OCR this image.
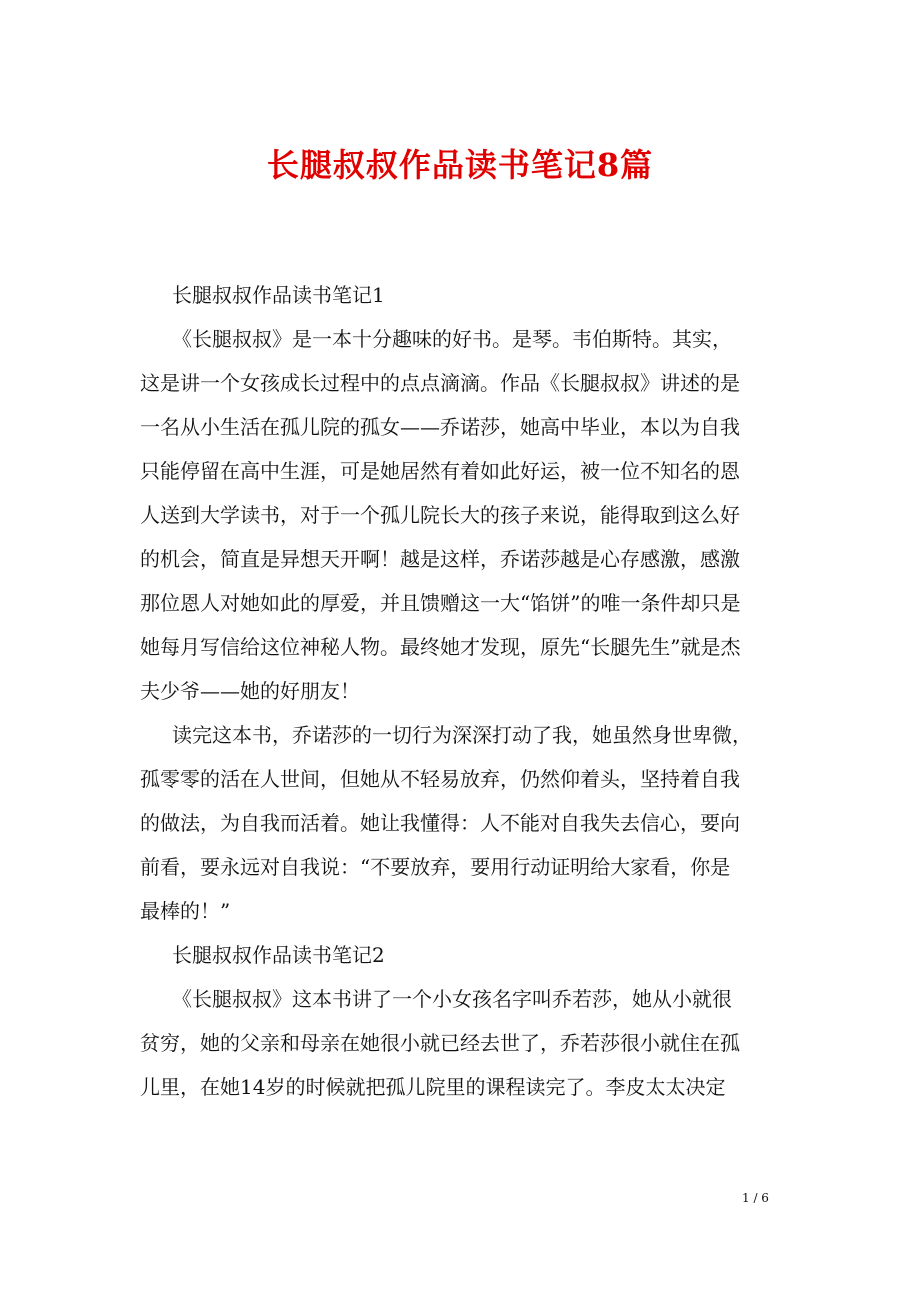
长腿叔叔作品读书笔记8篇
长腿叔叔作品读书笔记1
《长腿叔叔》是一本十分趣味的好书。是琴。韦伯斯特。其实，
这是讲一个女孩成长过程中的点点滴滴。作品《长腿叔叔》讲述的是
一名从小生活在孤儿院的孤女——乔诺莎，她高中毕业，本以为自我
只能停留在高中生涯，可是她居然有着如此好运，被一位不知名的恩
人送到大学读书，对于一个孤儿院长大的孩子来说，能得取到这么好
的机会，简直是异想天开啊！越是这样，乔诺莎越是心存感激，感激
那位恩人对她如此的厚爱，并且馈赠这一大“馅饼”的唯一条件却只是
她每月写信给这位神秘人物。最终她才发现，原先“长腿先生”就是杰
夫少爷——她的好朋友！
读完这本书，乔诺莎的一切行为深深打动了我，她虽然身世卑微，
孤零零的活在人世间，但她从不轻易放弃，仍然仰着头，坚持着自我
的做法，为自我而活着。她让我懂得：人不能对自我失去信心，要向
前看，要永远对自我说：“不要放弃，要用行动证明给大家看，你是
最棒的！”
长腿叔叔作品读书笔记2
《长腿叔叔》这本书讲了一个小女孩名字叫乔若莎，她从小就很
贫穷，她的父亲和母亲在她很小就已经去世了，乔若莎很小就住在孤
儿里，在她14岁的时候就把孤儿院里的课程读完了。李皮太太决定
1 / 6
